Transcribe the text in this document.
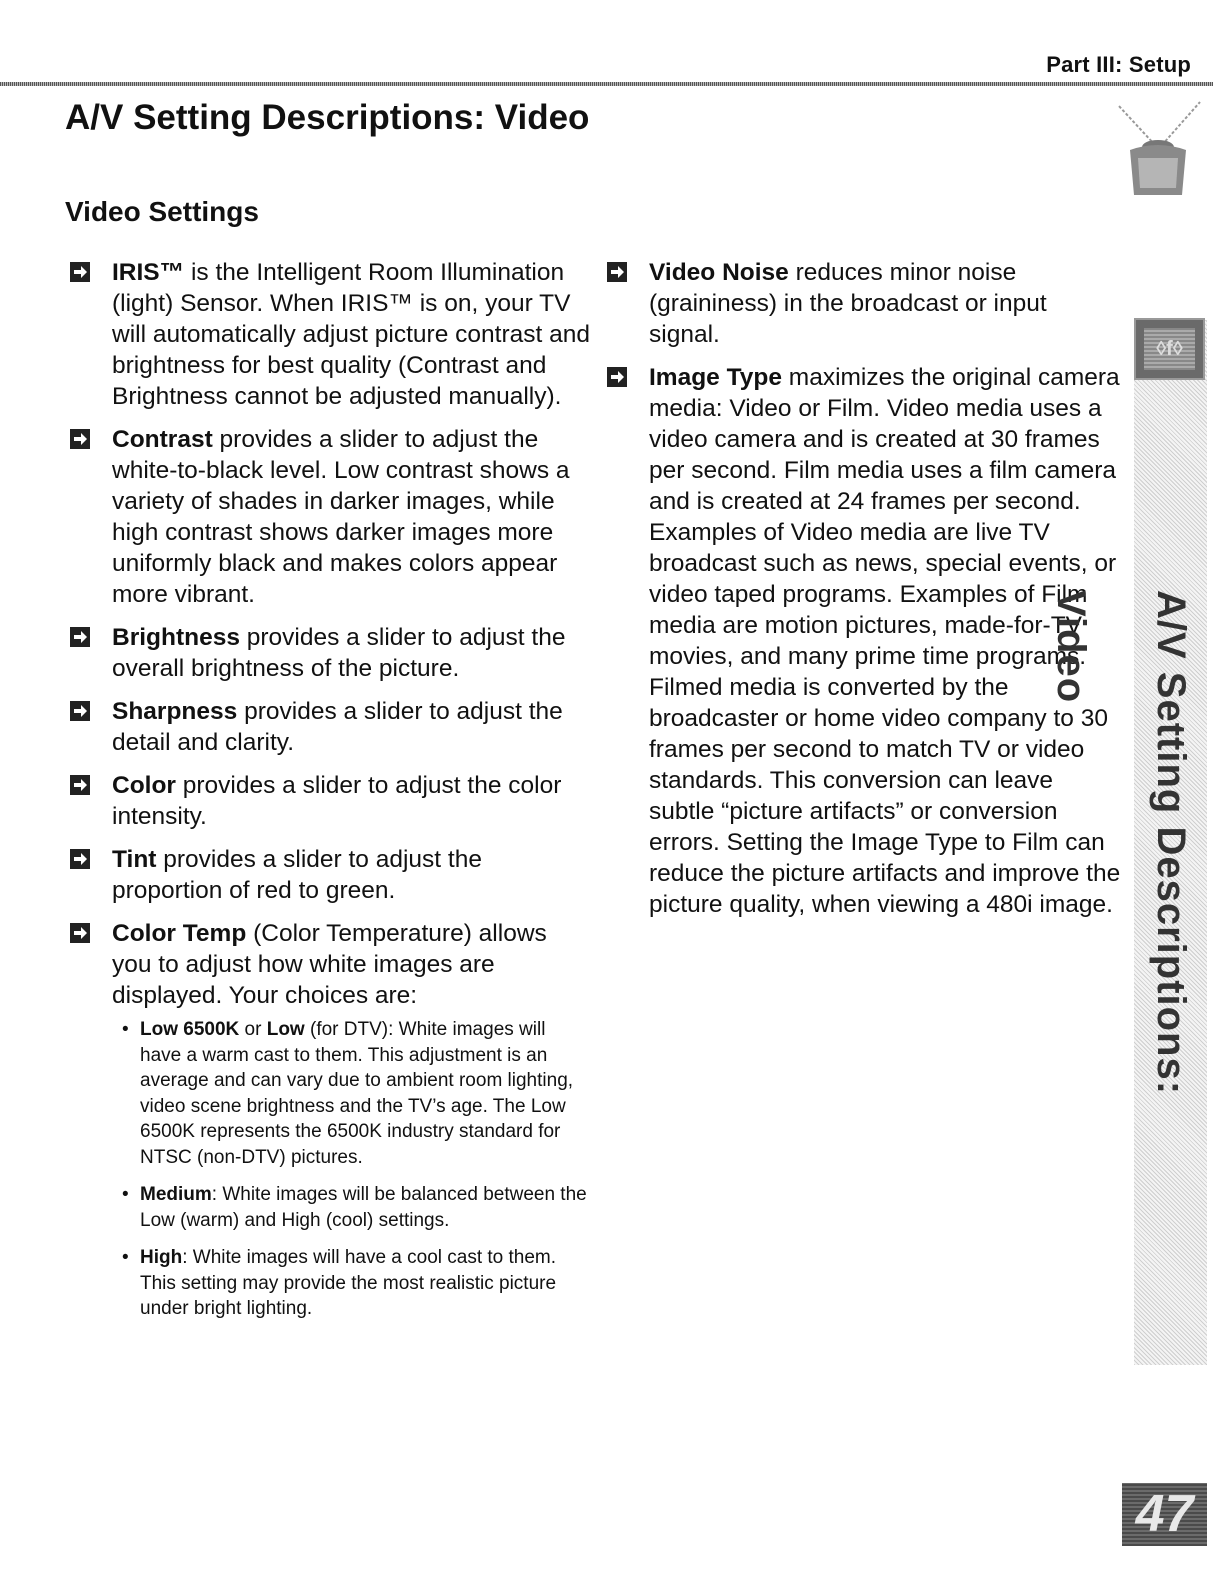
Part III: Setup
A/V Setting Descriptions: Video
Video Settings
IRIS™ is the Intelligent Room Illumination (light) Sensor. When IRIS™ is on, your TV will automatically adjust picture contrast and brightness for best quality (Contrast and Brightness cannot be adjusted manually).
Contrast provides a slider to adjust the white-to-black level. Low contrast shows a variety of shades in darker images, while high contrast shows darker images more uniformly black and makes colors appear more vibrant.
Brightness provides a slider to adjust the overall brightness of the picture.
Sharpness provides a slider to adjust the detail and clarity.
Color provides a slider to adjust the color intensity.
Tint provides a slider to adjust the proportion of red to green.
Color Temp (Color Temperature) allows you to adjust how white images are displayed. Your choices are:
• Low 6500K or Low (for DTV): White images will have a warm cast to them. This adjustment is an average and can vary due to ambient room lighting, video scene brightness and the TV’s age. The Low 6500K represents the 6500K industry standard for NTSC (non-DTV) pictures.
• Medium: White images will be balanced between the Low (warm) and High (cool) settings.
• High: White images will have a cool cast to them. This setting may provide the most realistic picture under bright lighting.
Video Noise reduces minor noise (graininess) in the broadcast or input signal.
Image Type maximizes the original camera media: Video or Film. Video media uses a video camera and is created at 30 frames per second. Film media uses a film camera and is created at 24 frames per second. Examples of Video media are live TV broadcast such as news, special events, or video taped programs. Examples of Film media are motion pictures, made-for-TV movies, and many prime time programs. Filmed media is converted by the broadcaster or home video company to 30 frames per second to match TV or video standards. This conversion can leave subtle “picture artifacts” or conversion errors. Setting the Image Type to Film can reduce the picture artifacts and improve the picture quality, when viewing a 480i image.
◊f◊
A/V Setting Descriptions: Video
47
